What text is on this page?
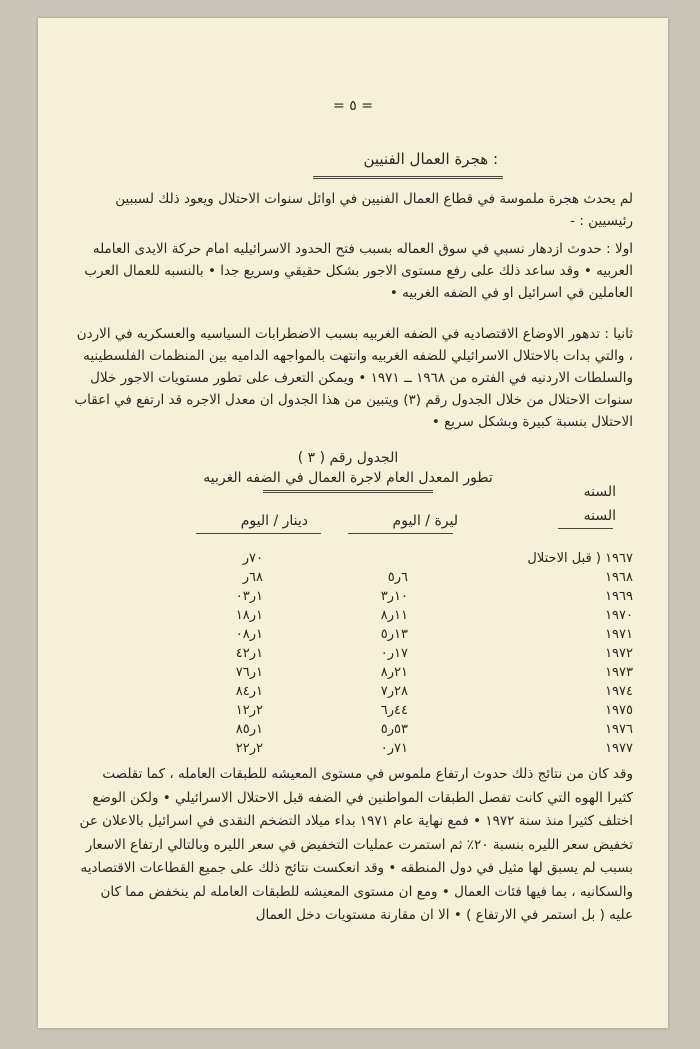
= ٥ =
هجرة العمال الفنيين :

لم يحدث هجرة ملموسة في قطاع العمال الفنيين في اوائل سنوات الاحتلال ويعود ذلك لسببين رئيسيين : -

اولا : حدوث ازدهار نسبي في سوق العماله بسبب فتح الحدود الاسرائيليه امام حركة الايدى العامله العربيه • وقد ساعد ذلك على رفع مستوى الاجور بشكل حقيقي وسريع جدا • بالنسبه للعمال العرب العاملين في اسرائيل او في الضفه الغربيه •

ثانيا : تدهور الاوضاع الاقتصاديه في الضفه الغربيه بسبب الاضطرابات السياسيه والعسكريه في الاردن ، والتي بدات بالاحتلال الاسرائيلي للضفه الغربيه وانتهت بالمواجهه الداميه بين المنظمات الفلسطينيه والسلطات الاردنيه في الفتره من ١٩٦٨ ــ ١٩٧١ • ويمكن التعرف على تطور مستويات الاجور خلال سنوات الاحتلال من خلال الجدول رقم (٣) ويتبين من هذا الجدول ان معدل الاجره قد ارتفع في اعقاب الاحتلال بنسبة كبيرة وبشكل سريع •

الجدول رقم ( ٣ )
تطور المعدل العام لاجرة العمال في الضفه الغربيه
السنه
السنه
ليرة / اليوم
دينار / اليوم
١٩٦٧ ( قبل الاحتلال
٧٠ر
١٩٦٨
٦ر٥
٦٨ر
١٩٦٩
١٠ر٣
١ر٠٣
١٩٧٠
١١ر٨
١ر١٨
١٩٧١
١٣ر٥
١ر٠٨
١٩٧٢
١٧ر٠
١ر٤٢
١٩٧٣
٢١ر٨
١ر٧٦
١٩٧٤
٢٨ر٧
١ر٨٤
١٩٧٥
٤٤ر٦
٢ر١٢
١٩٧٦
٥٣ر٥
١ر٨٥
١٩٧٧
٧١ر٠
٢ر٢٢

وقد كان من نتائج ذلك حدوث ارتفاع ملموس في مستوى المعيشه للطبقات العامله ، كما تقلصت كثيرا الهوه التي كانت تفصل الطبقات المواطنين في الضفه قبل الاحتلال الاسرائيلي • ولكن الوضع اختلف كثيرا منذ سنة ١٩٧٢ • فمع نهاية عام ١٩٧١ بداء ميلاد التضخم النقدى في اسرائيل بالاعلان عن تخفيض سعر الليره بنسبة ٢٠٪ ثم استمرت عمليات التخفيض في سعر الليره وبالتالي ارتفاع الاسعار بسبب لم يسبق لها مثيل في دول المنطقه • وقد انعكست نتائج ذلك على جميع القطاعات الاقتصاديه والسكانيه ، بما فيها فئات العمال • ومع ان مستوى المعيشه للطبقات العامله لم ينخفض مما كان عليه ( بل استمر في الارتفاع ) • الا ان مقارنة مستويات دخل العمال
